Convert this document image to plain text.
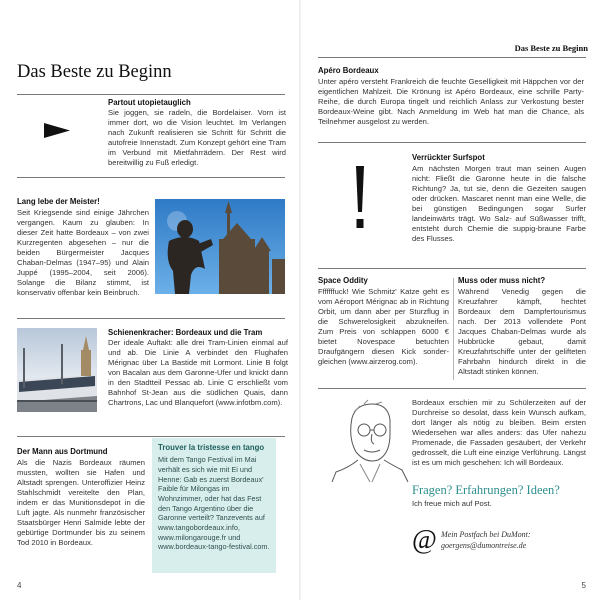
Das Beste zu Beginn
Partout utopietauglich
Sie joggen, sie radeln, die Bordelaiser. Vorn ist immer dort, wo die Vision leuchtet. Im Verlangen nach Zukunft realisieren sie Schritt für Schritt die autofreie Innenstadt. Zum Konzept gehört eine Tram im Verbund mit Mietfahrrädern. Der Rest wird bereitwillig zu Fuß erledigt.
Lang lebe der Meister!
Seit Kriegsende sind einige Jährchen vergangen. Kaum zu glauben: In dieser Zeit hatte Bordeaux – von zwei Kurzregenten abgesehen – nur die beiden Bürgermeister Jacques Chaban-Delmas (1947–95) und Alain Juppé (1995–2004, seit 2006). Solange die Bilanz stimmt, ist konservativ offenbar kein Beinbruch.
Schienenkracher: Bordeaux und die Tram
Der ideale Auftakt: alle drei Tram-Linien einmal auf und ab. Die Linie A verbindet den Flughafen Mérignac über La Bastide mit Lormont. Linie B folgt von Bacalan aus dem Garonne-Ufer und knickt dann in den Stadtteil Pessac ab. Linie C erschließt vom Bahnhof St-Jean aus die südlichen Quais, dann Chartrons, Lac und Blanquefort (www.infotbm.com).
Der Mann aus Dortmund
Als die Nazis Bordeaux räumen mussten, wollten sie Hafen und Altstadt sprengen. Unteroffizier Heinz Stahlschmidt vereitelte den Plan, indem er das Munitionsdepot in die Luft jagte. Als nunmehr französischer Staatsbürger Henri Salmide lebte der gebürtige Dortmunder bis zu seinem Tod 2010 in Bordeaux.
Trouver la tristesse en tango
Mit dem Tango Festival im Mai verhält es sich wie mit Ei und Henne: Gab es zuerst Bordeaux' Faible für Milongas im Wohnzimmer, oder hat das Fest den Tango Argentino über die Garonne verteilt? Tanzevents auf www.tangobordeaux.info, www.milongarouge.fr und www.bordeaux-tango-festival.com.
4
Das Beste zu Beginn
Apéro Bordeaux
Unter apéro versteht Frankreich die feuchte Geselligkeit mit Häppchen vor der eigentlichen Mahlzeit. Die Krönung ist Apéro Bordeaux, eine schrille Party-Reihe, die durch Europa tingelt und reichlich Anlass zur Verkostung bester Bordeaux-Weine gibt. Nach Anmeldung im Web hat man die Chance, als Teilnehmer ausgelost zu werden.
Verrückter Surfspot
Am nächsten Morgen traut man seinen Augen nicht: Fließt die Garonne heute in die falsche Richtung? Ja, tut sie, denn die Gezeiten saugen oder drücken. Mascaret nennt man eine Welle, die bei günstigen Bedingungen sogar Surfer landeinwärts trägt. Wo Salz- auf Süßwasser trifft, entsteht durch Chemie die suppig-braune Farbe des Flusses.
Space Oddity
Fffffffuck! Wie Schmitz' Katze geht es vom Aéroport Mérignac ab in Richtung Orbit, um dann aber per Sturzflug in die Schwerelosigkeit abzukneifen. Zum Preis von schlappen 6000 € bietet Novespace betuchten Draufgängern diesen Kick sonder-gleichen (www.airzerog.com).
Muss oder muss nicht?
Während Venedig gegen die Kreuzfahrer kämpft, hechtet Bordeaux dem Dampfertourismus nach. Der 2013 vollendete Pont Jacques Chaban-Delmas wurde als Hubbrücke gebaut, damit Kreuzfahrtschiffe unter der gelifteten Fahrbahn hindurch direkt in die Altstadt stinken können.
Bordeaux erschien mir zu Schülerzeiten auf der Durchreise so desolat, dass kein Wunsch aufkam, dort länger als nötig zu bleiben. Beim ersten Wiedersehen war alles anders: das Ufer nahezu Promenade, die Fassaden gesäubert, der Verkehr gedrosselt, die Luft eine einzige Verführung. Längst ist es um mich geschehen: Ich will Bordeaux.
Fragen? Erfahrungen? Ideen?
Ich freue mich auf Post.
@ Mein Postfach bei DuMont:
goergens@dumontreise.de
5
